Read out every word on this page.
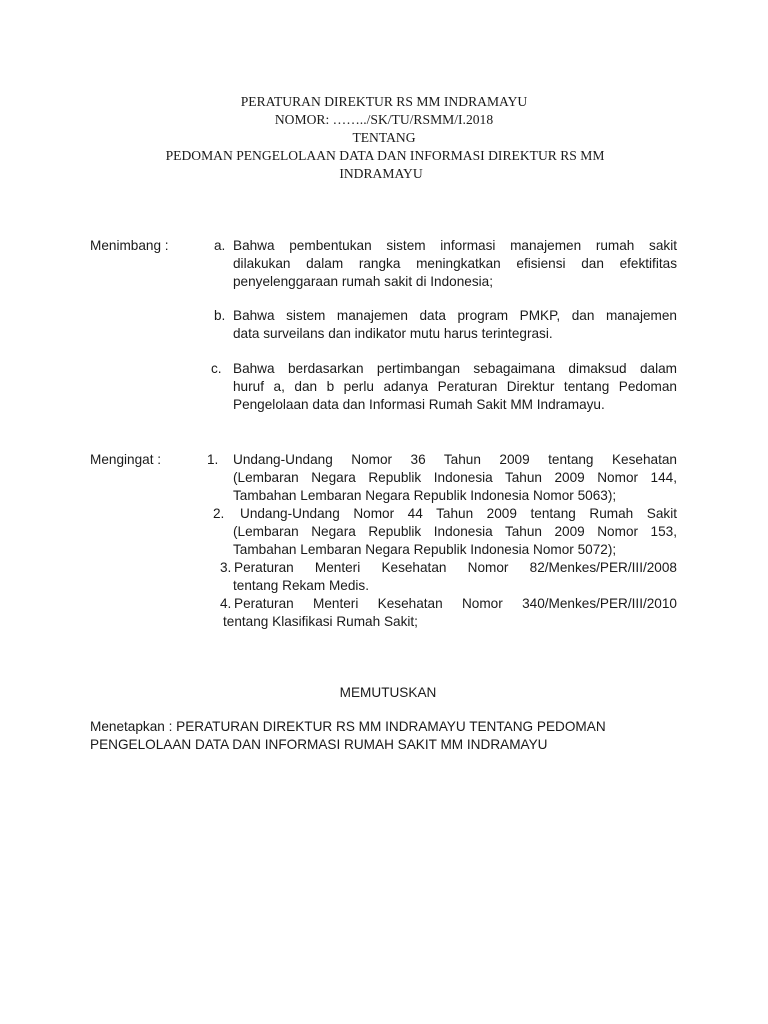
PERATURAN DIREKTUR RS MM INDRAMAYU
NOMOR: ……../SK/TU/RSMM/I.2018
TENTANG
PEDOMAN PENGELOLAAN DATA DAN INFORMASI DIREKTUR RS MM
INDRAMAYU
Menimbang :	a. Bahwa pembentukan sistem informasi manajemen rumah sakit
dilakukan dalam rangka meningkatkan efisiensi dan efektifitas
penyelenggaraan rumah sakit di Indonesia;
b. Bahwa sistem manajemen data program PMKP, dan manajemen
data surveilans dan indikator mutu harus terintegrasi.
c. Bahwa berdasarkan pertimbangan sebagaimana dimaksud dalam
huruf a, dan b perlu adanya Peraturan Direktur tentang Pedoman
Pengelolaan data dan Informasi Rumah Sakit MM Indramayu.
Mengingat :	1. Undang-Undang Nomor 36 Tahun 2009 tentang Kesehatan
(Lembaran Negara Republik Indonesia Tahun 2009 Nomor 144,
Tambahan Lembaran Negara Republik Indonesia Nomor 5063);
2. Undang-Undang Nomor 44 Tahun 2009 tentang Rumah Sakit
(Lembaran Negara Republik Indonesia Tahun 2009 Nomor 153,
Tambahan Lembaran Negara Republik Indonesia Nomor 5072);
3. Peraturan Menteri Kesehatan Nomor 82/Menkes/PER/III/2008
tentang Rekam Medis.
4. Peraturan Menteri Kesehatan Nomor 340/Menkes/PER/III/2010
tentang Klasifikasi Rumah Sakit;
MEMUTUSKAN
Menetapkan : PERATURAN DIREKTUR RS MM INDRAMAYU TENTANG PEDOMAN
PENGELOLAAN DATA DAN INFORMASI RUMAH SAKIT MM INDRAMAYU
